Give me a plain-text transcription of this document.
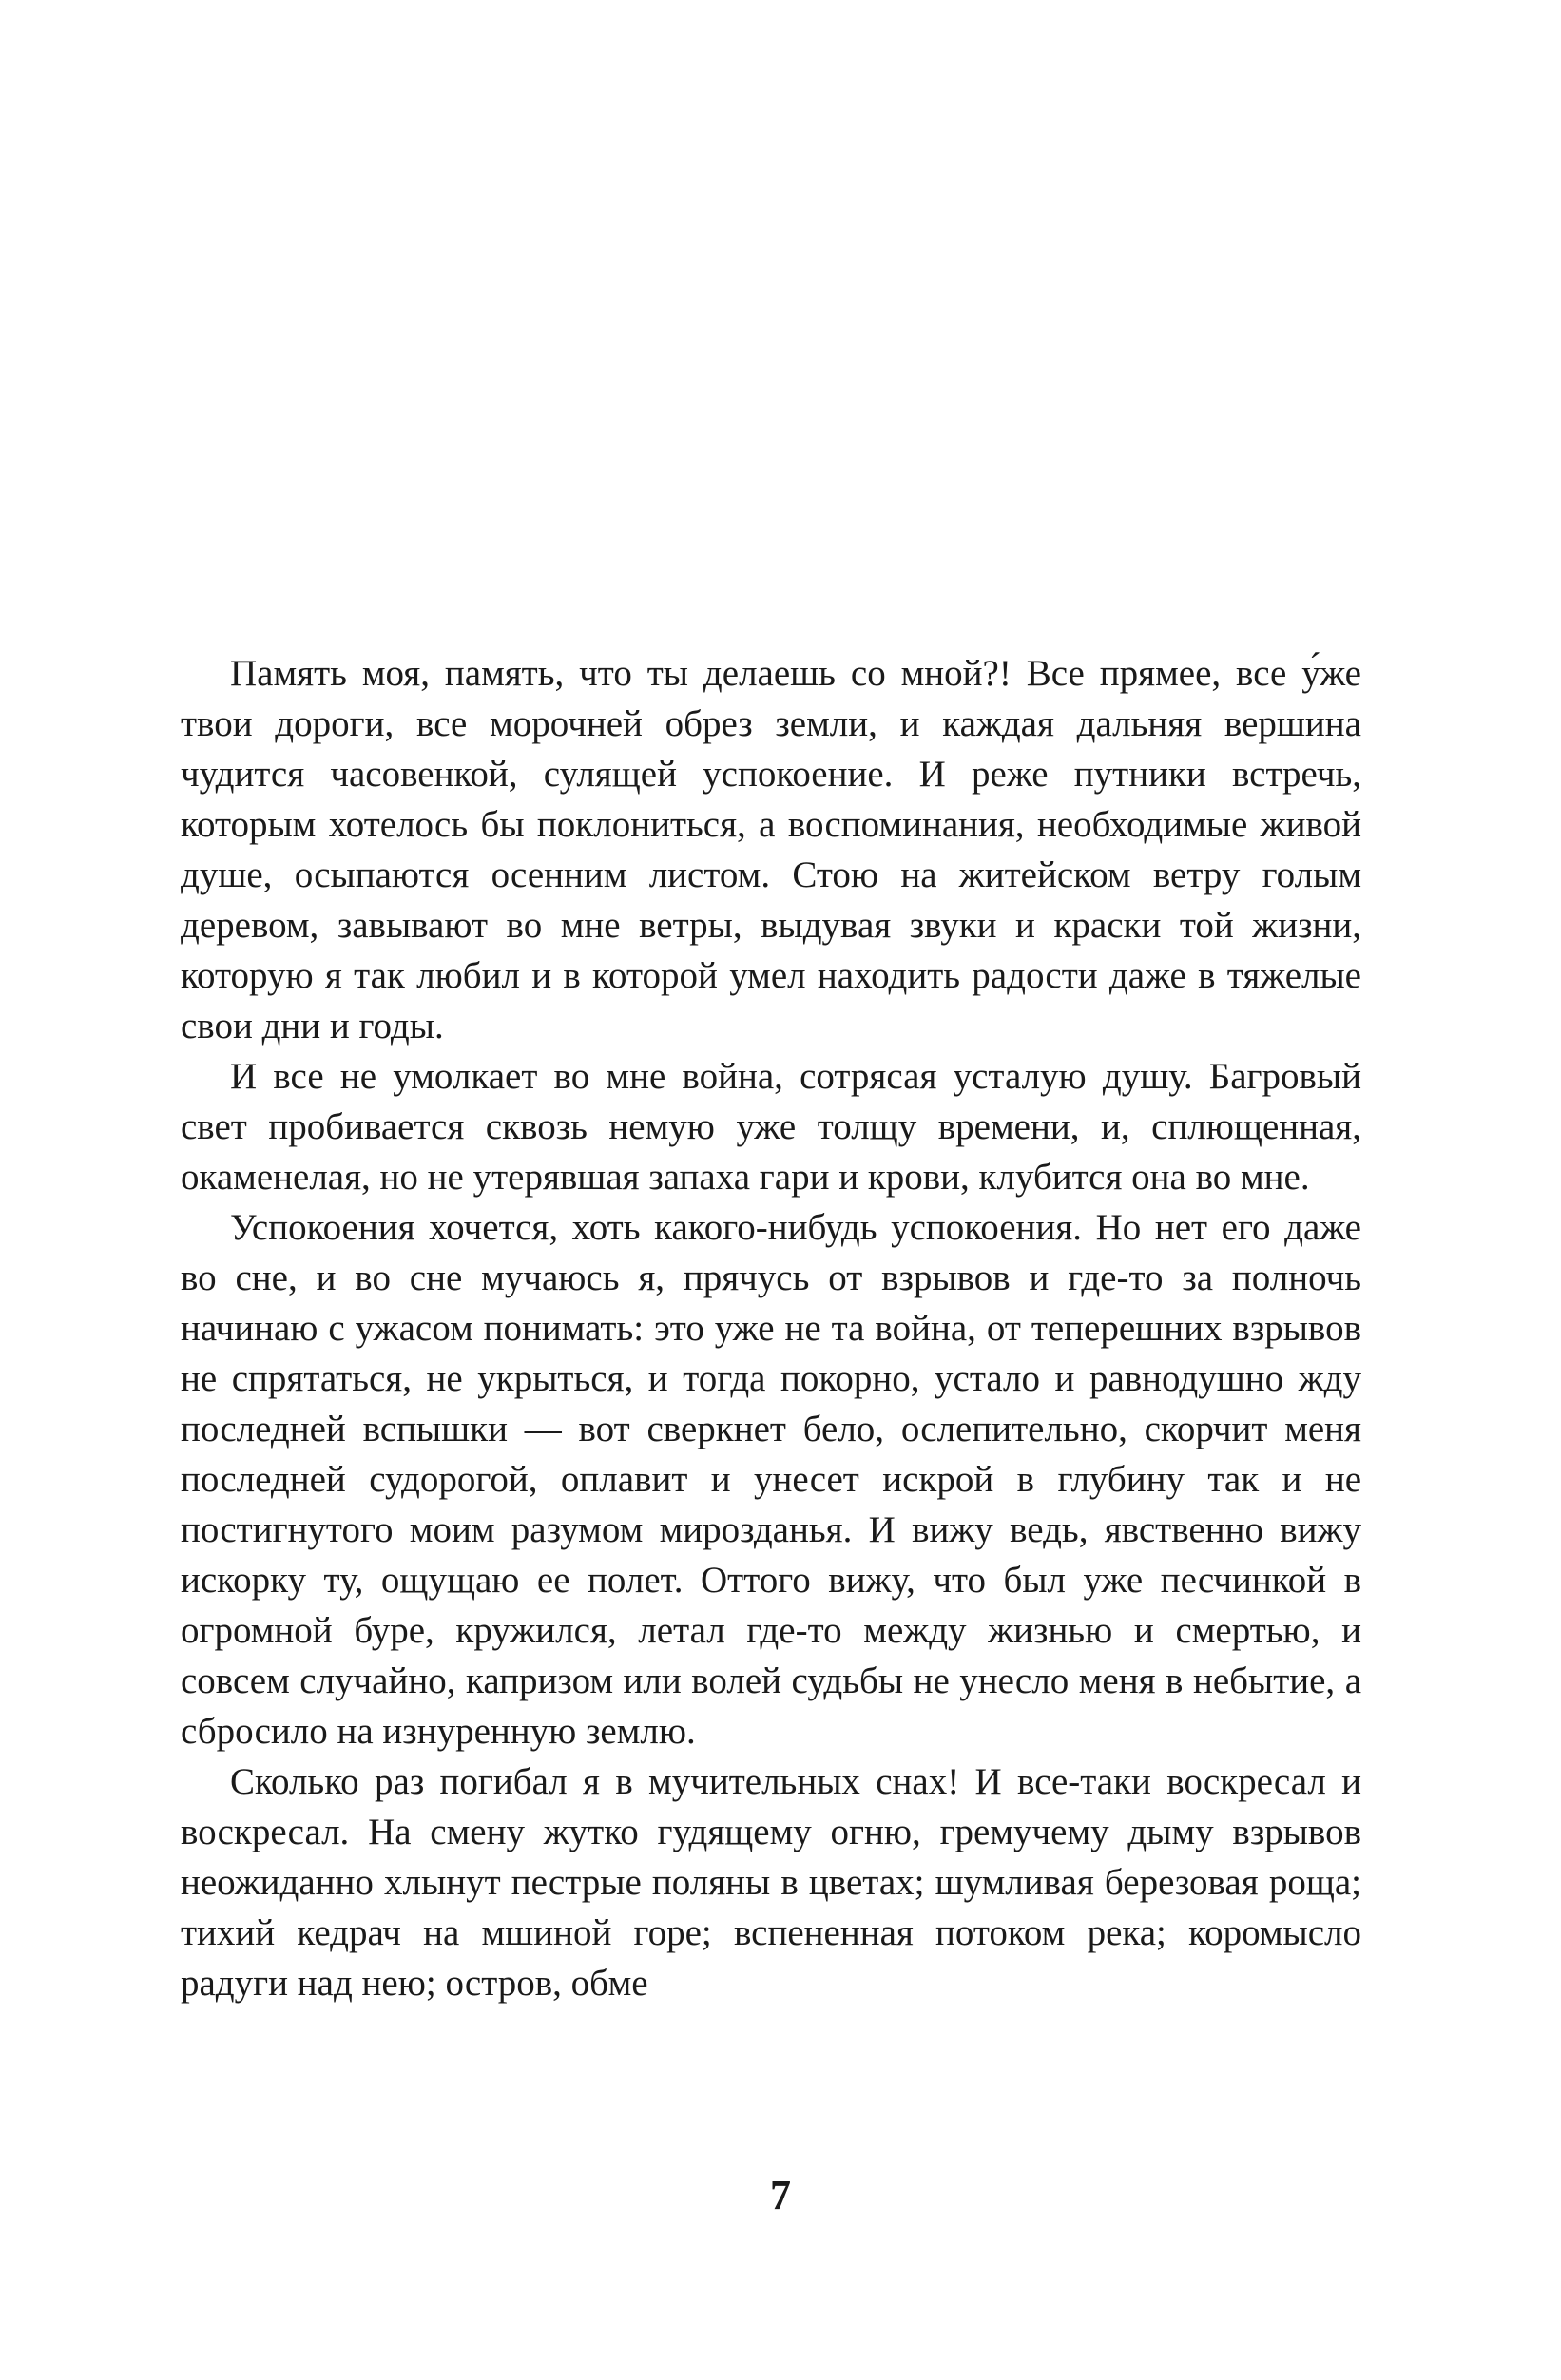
Память моя, память, что ты делаешь со мной?! Все прямее, все у́же твои дороги, все морочней обрез земли, и каждая дальняя вершина чудится часовенкой, сулящей успокоение. И реже путники встречь, которым хотелось бы поклониться, а воспоминания, необходимые живой душе, осыпаются осенним листом. Стою на житейском ветру голым деревом, завывают во мне ветры, выдувая звуки и краски той жизни, которую я так любил и в которой умел находить радости даже в тяжелые свои дни и годы.

И все не умолкает во мне война, сотрясая усталую душу. Багровый свет пробивается сквозь немую уже толщу времени, и, сплющенная, окаменелая, но не утерявшая запаха гари и крови, клубится она во мне.

Успокоения хочется, хоть какого-нибудь успокоения. Но нет его даже во сне, и во сне мучаюсь я, прячусь от взрывов и где-то за полночь начинаю с ужасом понимать: это уже не та война, от теперешних взрывов не спрятаться, не укрыться, и тогда покорно, устало и равнодушно жду последней вспышки — вот сверкнет бело, ослепительно, скорчит меня последней судорогой, оплавит и унесет искрой в глубину так и не постигнутого моим разумом мирозданья. И вижу ведь, явственно вижу искорку ту, ощущаю ее полет. Оттого вижу, что был уже песчинкой в огромной буре, кружился, летал где-то между жизнью и смертью, и совсем случайно, капризом или волей судьбы не унесло меня в небытие, а сбросило на изнуренную землю.

Сколько раз погибал я в мучительных снах! И все-таки воскресал и воскресал. На смену жутко гудящему огню, гремучему дыму взрывов неожиданно хлынут пестрые поляны в цветах; шумливая березовая роща; тихий кедрач на мшиной горе; вспененная потоком река; коромысло радуги над нею; остров, обме

7
